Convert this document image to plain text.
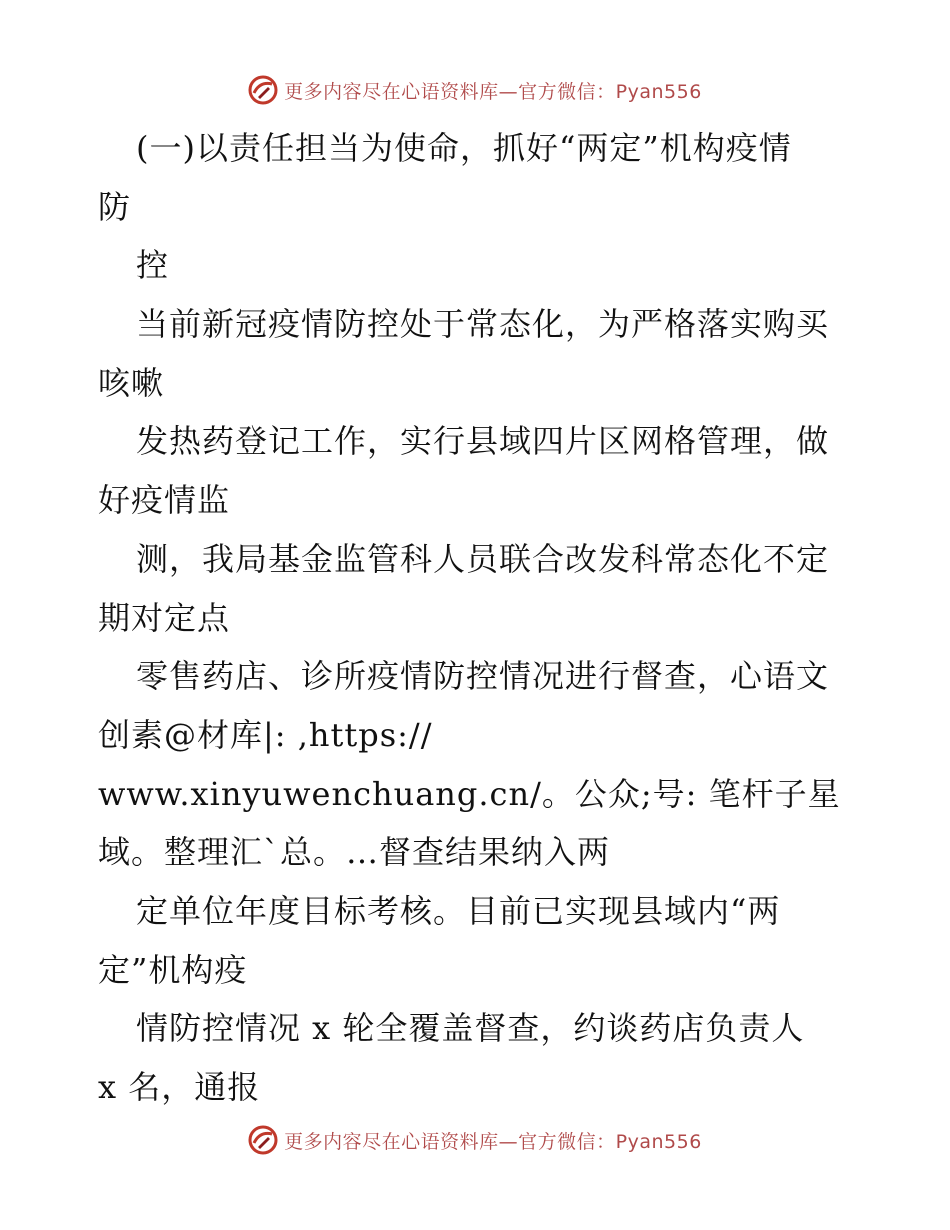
更多内容尽在心语资料库—官方微信：Pyan556
(一)以责任担当为使命，抓好“两定”机构疫情
防
控
当前新冠疫情防控处于常态化，为严格落实购买
咳嗽
发热药登记工作，实行县域四片区网格管理，做
好疫情监
测，我局基金监管科人员联合改发科常态化不定
期对定点
零售药店、诊所疫情防控情况进行督查，心语文
创素@材库|: ,https://
www.xinyuwenchuang.cn/。公众;号: 笔杆子星
域。整理汇`总。…督查结果纳入两
定单位年度目标考核。目前已实现县域内“两
定”机构疫
情防控情况 x 轮全覆盖督查，约谈药店负责人
x 名，通报
更多内容尽在心语资料库—官方微信：Pyan556
